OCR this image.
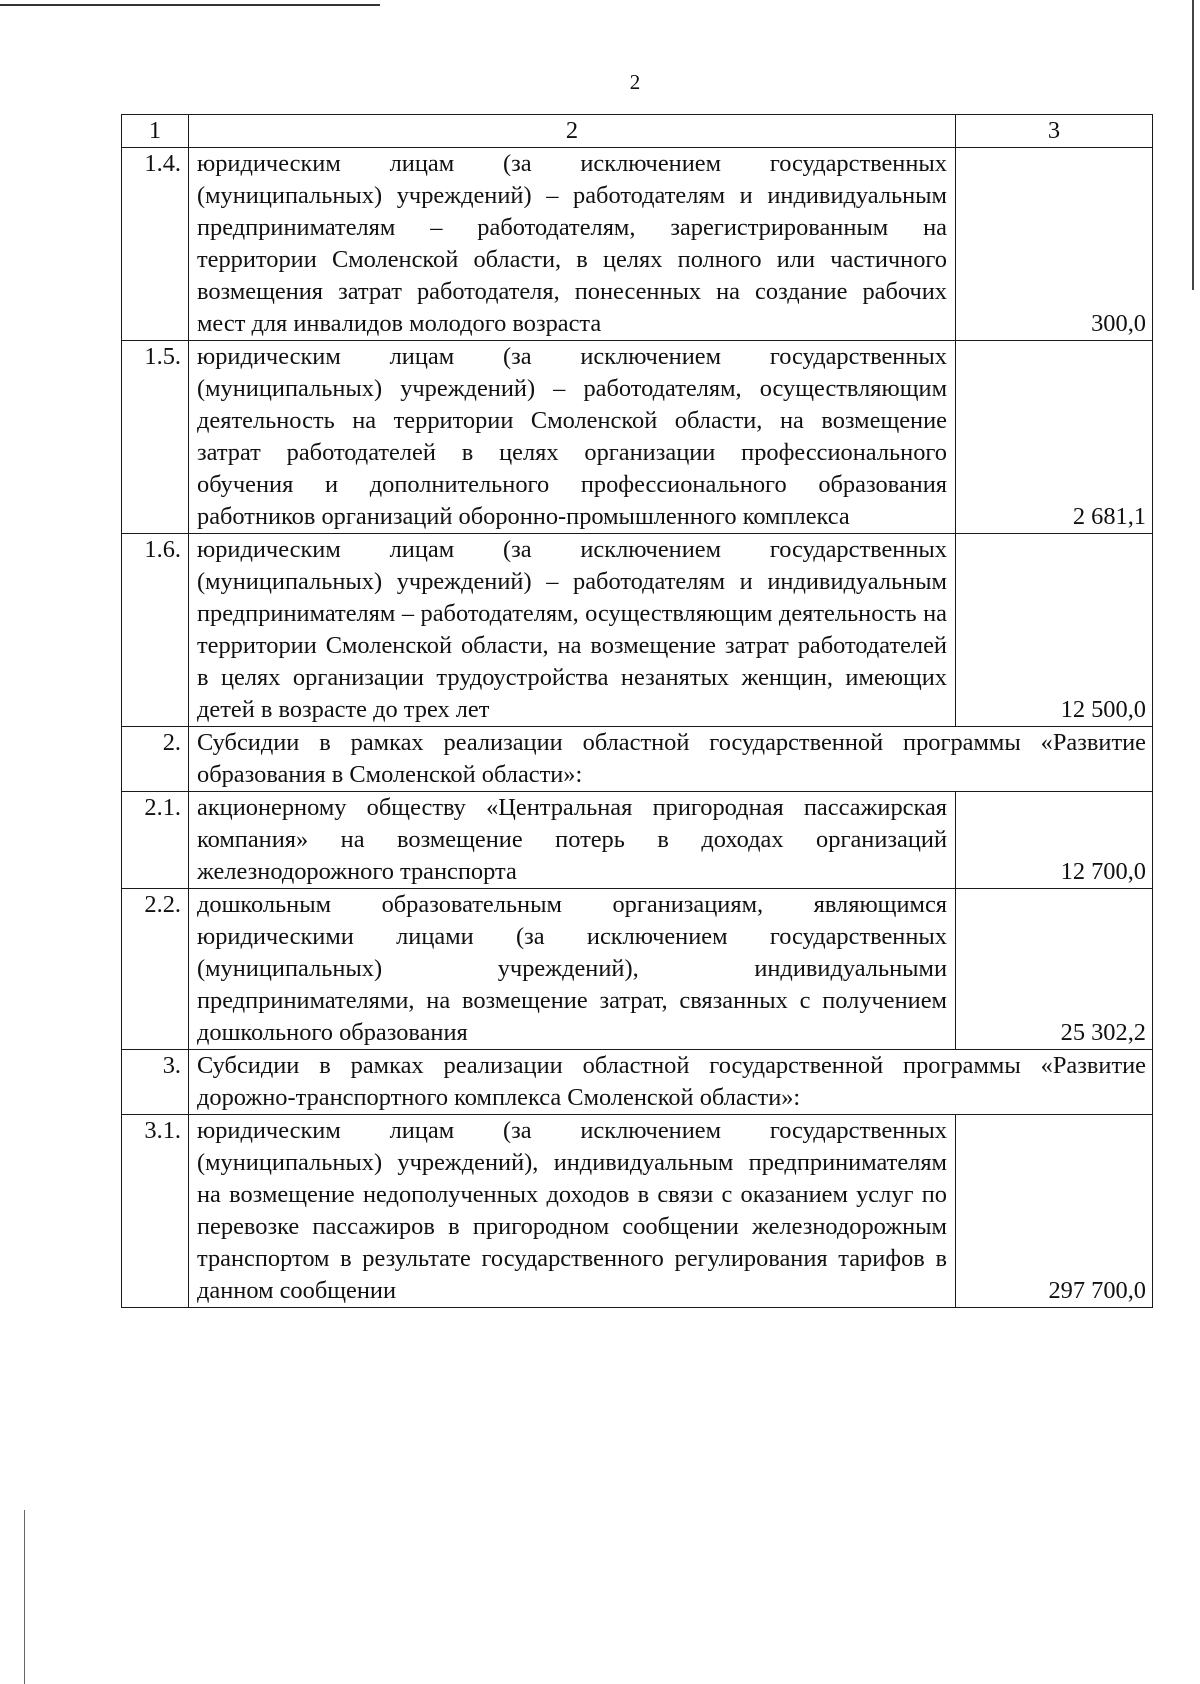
2
1	2	3
1.4.	юридическим лицам (за исключением государственных (муниципальных) учреждений) – работодателям и индивидуальным предпринимателям – работодателям, зарегистрированным на территории Смоленской области, в целях полного или частичного возмещения затрат работодателя, понесенных на создание рабочих мест для инвалидов молодого возраста	300,0
1.5.	юридическим лицам (за исключением государственных (муниципальных) учреждений) – работодателям, осуществляющим деятельность на территории Смоленской области, на возмещение затрат работодателей в целях организации профессионального обучения и дополнительного профессионального образования работников организаций оборонно-промышленного комплекса	2 681,1
1.6.	юридическим лицам (за исключением государственных (муниципальных) учреждений) – работодателям и индивидуальным предпринимателям – работодателям, осуществляющим деятельность на территории Смоленской области, на возмещение затрат работодателей в целях организации трудоустройства незанятых женщин, имеющих детей в возрасте до трех лет	12 500,0
2.	Субсидии в рамках реализации областной государственной программы «Развитие образования в Смоленской области»:	
2.1.	акционерному обществу «Центральная пригородная пассажирская компания» на возмещение потерь в доходах организаций железнодорожного транспорта	12 700,0
2.2.	дошкольным образовательным организациям, являющимся юридическими лицами (за исключением государственных (муниципальных) учреждений), индивидуальными предпринимателями, на возмещение затрат, связанных с получением дошкольного образования	25 302,2
3.	Субсидии в рамках реализации областной государственной программы «Развитие дорожно-транспортного комплекса Смоленской области»:	
3.1.	юридическим лицам (за исключением государственных (муниципальных) учреждений), индивидуальным предпринимателям на возмещение недополученных доходов в связи с оказанием услуг по перевозке пассажиров в пригородном сообщении железнодорожным транспортом в результате государственного регулирования тарифов в данном сообщении	297 700,0
